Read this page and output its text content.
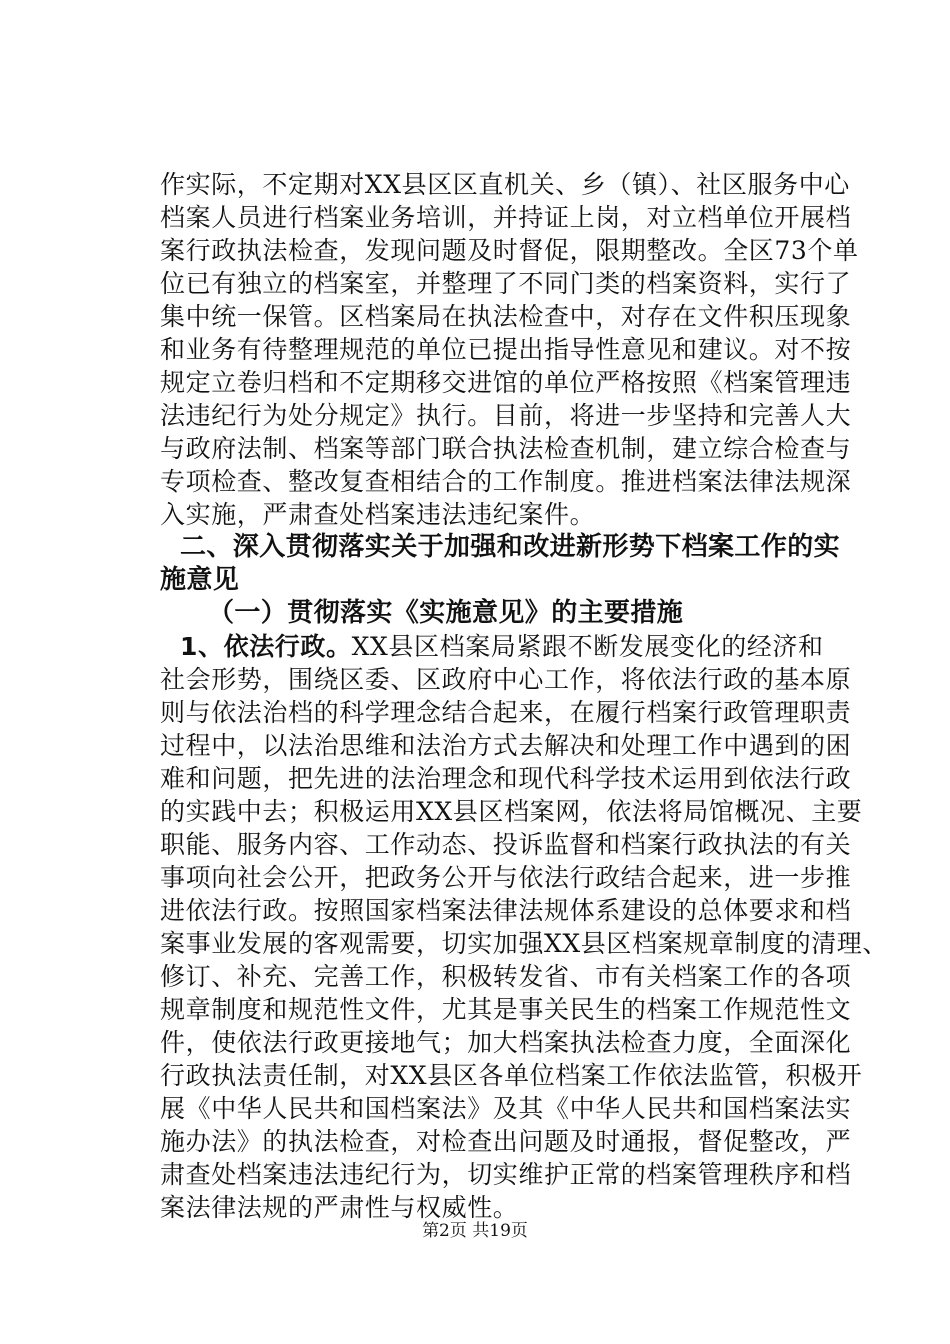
作实际，不定期对XX县区区直机关、乡（镇）、社区服务中心
档案人员进行档案业务培训，并持证上岗，对立档单位开展档
案行政执法检查，发现问题及时督促，限期整改。全区73个单
位已有独立的档案室，并整理了不同门类的档案资料，实行了
集中统一保管。区档案局在执法检查中，对存在文件积压现象
和业务有待整理规范的单位已提出指导性意见和建议。对不按
规定立卷归档和不定期移交进馆的单位严格按照《档案管理违
法违纪行为处分规定》执行。目前，将进一步坚持和完善人大
与政府法制、档案等部门联合执法检查机制，建立综合检查与
专项检查、整改复查相结合的工作制度。推进档案法律法规深
入实施，严肃查处档案违法违纪案件。
二、深入贯彻落实关于加强和改进新形势下档案工作的实
施意见
（一）贯彻落实《实施意见》的主要措施
1、依法行政。XX县区档案局紧跟不断发展变化的经济和
社会形势，围绕区委、区政府中心工作，将依法行政的基本原
则与依法治档的科学理念结合起来，在履行档案行政管理职责
过程中，以法治思维和法治方式去解决和处理工作中遇到的困
难和问题，把先进的法治理念和现代科学技术运用到依法行政
的实践中去；积极运用XX县区档案网，依法将局馆概况、主要
职能、服务内容、工作动态、投诉监督和档案行政执法的有关
事项向社会公开，把政务公开与依法行政结合起来，进一步推
进依法行政。按照国家档案法律法规体系建设的总体要求和档
案事业发展的客观需要，切实加强XX县区档案规章制度的清理、
修订、补充、完善工作，积极转发省、市有关档案工作的各项
规章制度和规范性文件，尤其是事关民生的档案工作规范性文
件，使依法行政更接地气；加大档案执法检查力度，全面深化
行政执法责任制，对XX县区各单位档案工作依法监管，积极开
展《中华人民共和国档案法》及其《中华人民共和国档案法实
施办法》的执法检查，对检查出问题及时通报，督促整改，严
肃查处档案违法违纪行为，切实维护正常的档案管理秩序和档
案法律法规的严肃性与权威性。
第2页 共19页
